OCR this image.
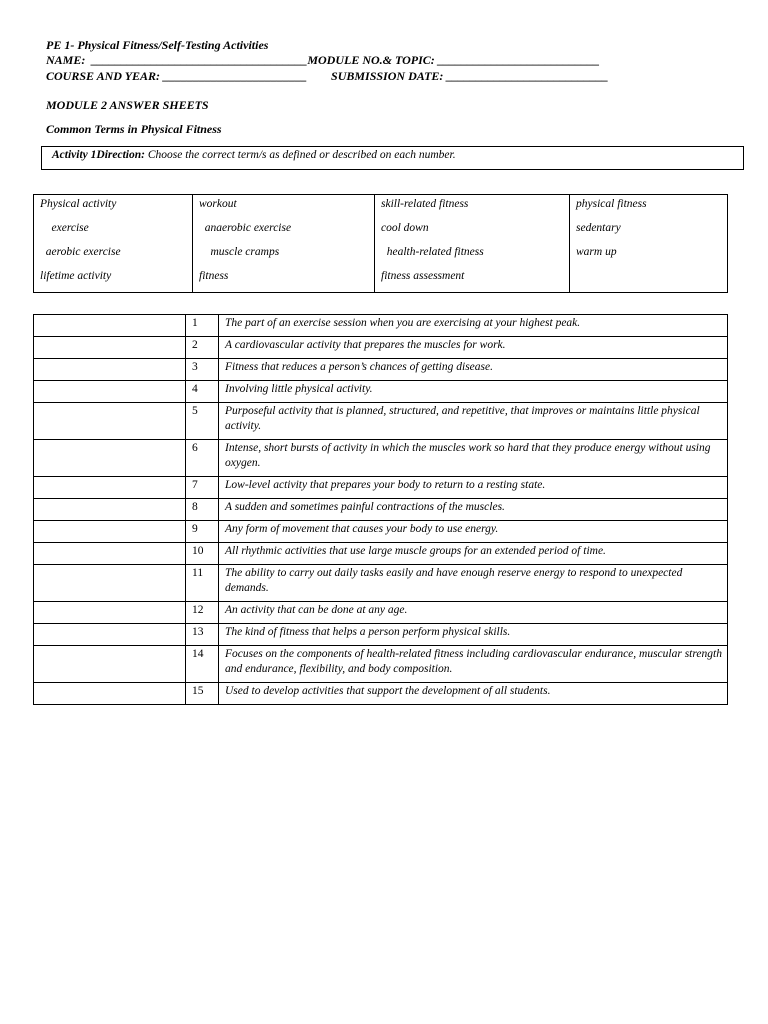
PE 1- Physical Fitness/Self-Testing Activities
NAME:  ____________________________________MODULE NO.& TOPIC: ___________________________
COURSE AND YEAR: ________________________        SUBMISSION DATE: ___________________________
MODULE 2 ANSWER SHEETS
Common Terms in Physical Fitness
Activity 1Direction: Choose the correct term/s as defined or described on each number.
Physical activity
exercise
aerobic exercise
lifetime activity

workout
anaerobic exercise
muscle cramps
fitness

skill-related fitness
cool down
health-related fitness
fitness assessment

physical fitness
sedentary
warm up
	1	The part of an exercise session when you are exercising at your highest peak.
	2	A cardiovascular activity that prepares the muscles for work.
	3	Fitness that reduces a person’s chances of getting disease.
	4	Involving little physical activity.
	5	Purposeful activity that is planned, structured, and repetitive, that improves or maintains little physical activity.
	6	Intense, short bursts of activity in which the muscles work so hard that they produce energy without using oxygen.
	7	Low-level activity that prepares your body to return to a resting state.
	8	A sudden and sometimes painful contractions of the muscles.
	9	Any form of movement that causes your body to use energy.
	10	All rhythmic activities that use large muscle groups for an extended period of time.
	11	The ability to carry out daily tasks easily and have enough reserve energy to respond to unexpected demands.
	12	An activity that can be done at any age.
	13	The kind of fitness that helps a person perform physical skills.
	14	Focuses on the components of health-related fitness including cardiovascular endurance, muscular strength and endurance, flexibility, and body composition.
	15	Used to develop activities that support the development of all students.
